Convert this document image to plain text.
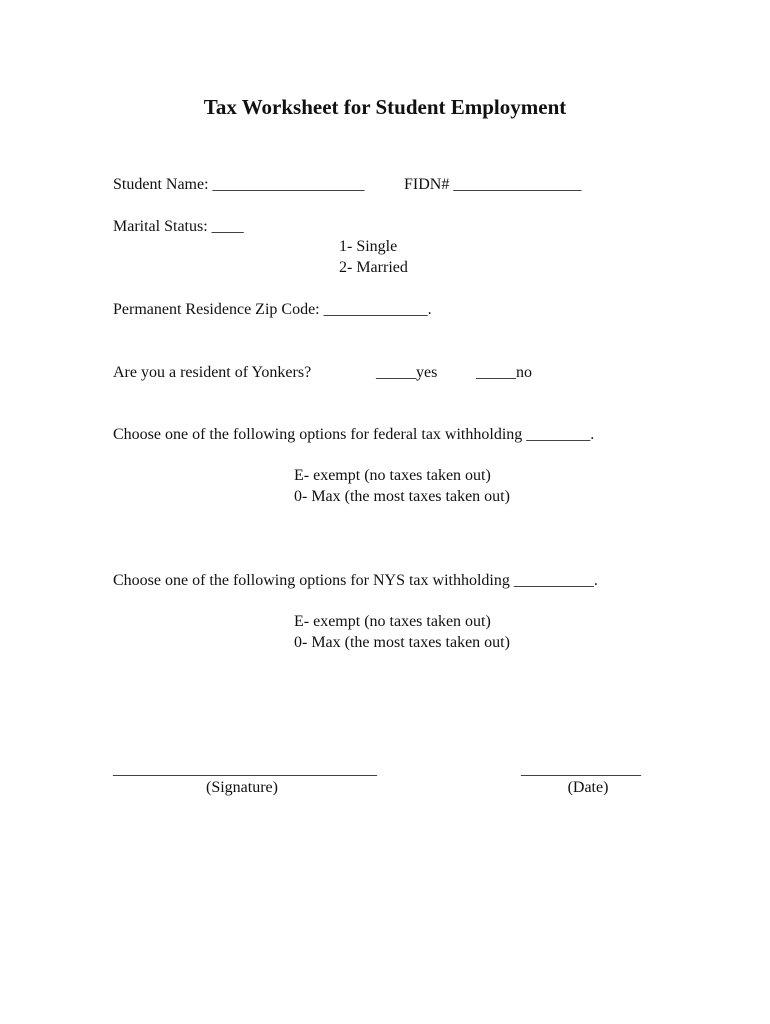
Tax Worksheet for Student Employment
Student Name: ___________________ FIDN# ________________
Marital Status: ____
1- Single
2- Married
Permanent Residence Zip Code: _____________.
Are you a resident of Yonkers?	_____yes _____no
Choose one of the following options for federal tax withholding ________.
E- exempt (no taxes taken out)
0- Max (the most taxes taken out)
Choose one of the following options for NYS tax withholding __________.
E- exempt (no taxes taken out)
0- Max (the most taxes taken out)
_________________________________
(Signature)
_______________
(Date)
